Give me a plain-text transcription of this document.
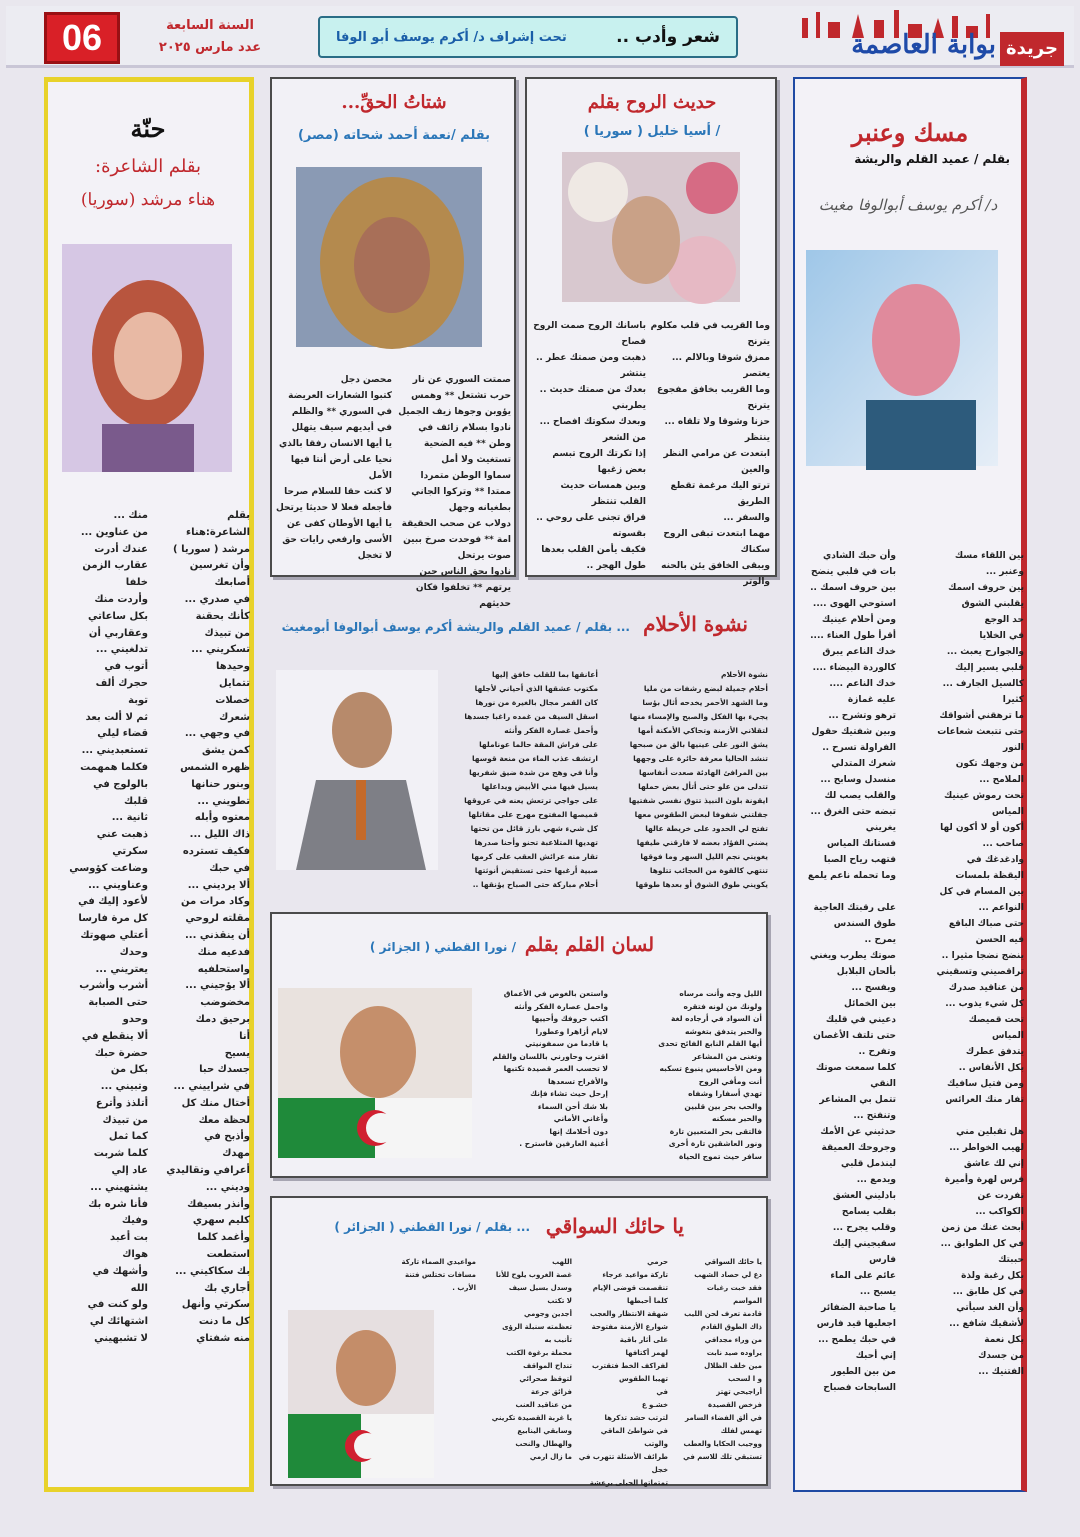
06	السنة السابعة
عدد مارس ٢٠٢٥
شعر وأدب ..
تحت إشراف د/ أكرم يوسف أبو الوفا	بوابة العاصمة جريدة
مسك وعنبر
بقلم / عميد القلم والريشة
د/ أكرم يوسف أبوالوفا مغيث
بين اللقاء مسك
وعنبر ...
بين حروف اسمك
يقلبني الشوق
حد الوجع
في الخلايا
والجوارح يعبث ...
قلبي يسير إليك
كالسيل الجارف ...
كثيرا
ما ترهقني أشواقك
حتى تتبعث شعاعات
النور
من وجهك تكون
الملامح ...
تحت رموش عينيك
المياس
أكون أو لا أكون لها
صاحب ...
وادغدغك في
اليقظة بلمسات
بين المسام في كل
النواعم ...
حتى صباك الباقع
فيه الحسن
ينضج نضجا مثيرا ..
تراقصيني وتسقيني
من عناقيد صدرك
كل شيء يذوب ...
تحت قميصك
المياس
يتدفق عطرك
بكل الأنفاس ..
ومن فتيل سافيك
تفار منك العرائس

هل تقبلين مني
لهيب الخواطر ...
إني لك عاشق
فرس لهرة وأميرة
تفردت عن
الكواكب ...
أبحث عنك من زمن
في كل الطوابق ...
حببتك
بكل رغبة ولذة
في كل طابق ...
وأن الغد سيأتي
لأشقيك شافع ...
بكل نعمة
من جسدك
الفتنيك ...
وأن حبك الشادي
بات في قلبي ينضح
بين حروف اسمك ..
استوحي الهوى ....
ومن أحلام عينيك
أقرأ طول العناء ....
خدك الناعم يبرق
كالوردة البيضاء ....
خدك الناعم ....
عليه غمازة
ترهو وتشرح ...
وبين شفتيك حقول
الفراولة تسرح ..
شعرك المتدلي
منسدل وسابح ...
والقلب يصب لك
تبضه حتى الغرق ...
يغريني
فستانك المياس
فتهب رياح الصبا
وما تحمله ناعم يلمع

على رقبتك العاجية
طوق السندس
يمرح ..
صوتك يطرب ويغني
بألحان البلابل
ويفسح ...
بين الخمائل
دعيني في قلبك
حتى تلتف الأغصان
وتفرح ..
كلما سمعت صوتك
النقي
تتمل بي المشاعر
وتنفتح ...
حدثيني عن الأمك
وجروحك العميقة
لينذمل قلبي
ويدمع ...
بادليني العشق
بقلب يسامح
وقلب يجرح ...
سقيجيني إليك
فارس
عائم على الماء
يسبح ...
يا صاحبة الضفائر
اجعليها قيد فارس
في حبك يطمح ...
إني أحبك
من بين الطيور
السابحات فصباح
حديث الروح بقلم
/ أسيا خليل ( سوريا )
وما القريب في قلب مكلوم يترنح
ممزق شوقا وبالالم ... يعتصر
وما القريب بخافق مفجوع يترنح
حزنا وشوقا ولا تلقاه ... ينتظر
ابتعدت عن مرامي النظر والعين
ترتو اليك مرغمة تقطع الطريق
والسفر ...
مهما ابتعدت تبقى الروح سكناك
ويبقى الخافق يئن بالحنه والوتر
باسانك الروح صمت الروح فصاح
ذهبت ومن صمتك عطر .. ينتشر
بعدك من صمتك حديث .. يطربني
وبعدك سكوتك افصاح ... من الشعر
إذا تكرتك الروح تبسم بعض زغبها
وبين همسات حديث القلب تنتظر
فراق تجنى على روحي .. بقسوته
فكيف يأمن القلب بعدها طول الهجر ..
شتاتُ الحقِّ...
بقلم /نعمة أحمد شحاته (مصر)
صمتت السوري عن نار حرب تشتعل ** وهمس يؤوبن وجوها زيف الجميل
نادوا بسلام زائف في وطن ** فيه الضحية تستغيث ولا أمل
سماوا الوطن متمردا ممتدا ** وتركوا الجاني بطغيانه وجهل
دولاب عن صحب الحقيقة امة ** فوحدت صرخ ببين صوت يرتحل
نادوا بحق الناس حين يرتهم ** تخلفوا فكان حديثهم
محصن دجل
كتبوا الشعارات العريضة في السوري ** والظلم في أيديهم سيف يتهلل
يا أيها الانسان رفقا بالذي نحيا على أرض أنتا فيها الأمل
لا كنت حقا للسلام صرحا فأجعله فعلا لا حديثا يرتحل
يا أيها الأوطان كفى عن الأسى وارفعي رايات حق
لا تخجل
حنّة
بقلم الشاعرة:
هناء مرشد (سوريا)
بقلم
الشاعرة:هناء
مرشد ( سوريا )
وأن تغرسين
أصابعك
في صدري ...
كأنك بحقنة
من تبيذك
تسكريني ...
وحيدها
تتمايل
خصلات
شعرك
في وجهي ...
كمن يشق
ظهره الشمس
وبنور حنانها
تطويني ...
معتوه وأبله
ذاك الليل ...
فكيف تسترده
في حبك
ألا يرديني ...
وكاد مرات من
مقلته لروحي
أن ينقذني ...
فدعيه منك
واستحلفيه
ألا يؤجيني ...
مخضوضب
برحيق دمك
أنا
يسيح
جسدك حبا
في شراييني ...
أختال منك كل
لحظة معك
وأذبح في
مهدك
أعرافي وتقاليدي
وديني ...
وأنذر بسيفك
كليم سهري
وأغمد كلما
استطعت
بك سكاكيني ...
أجاري بك
سكرتي وأنهل
كل ما دنت
منه شفتاي
منك ...
من عناوين ...
عندك أدرت
عقارب الزمن
خلفا
وأردت منك
بكل ساعاتي
وعقاربي أن
تدلغيني ...
أتوب في
حجرك ألف
توبة
ثم لا ألت بعد
قضاء ليلي
تستعبديني ...
فكلما همهمت
بالولوج في
قلبك
ثانية ...
ذهبت عني
سكرتي
وضاعت كؤوسي
وعناويني ...
لأعود إليك في
كل مرة فارسا
أعتلي صهوتك
وحدك
يعتريني ...
أشرب وأشرب
حتى الصبابة
وحدو
ألا ينقطع في
حضرة حبك
بكل من
وتبيني ...
أتلذذ وأترع
من تبيذك
كما ثمل
كلما شربت
عاد إلي
يشتهيني ...
فأنا شره بك
وفيك
بت أعبد
هواك
وأشهك في
الله
ولو كنت في
اشتهائك لي
لا تشبهيني
نشوة الأحلام
... بقلم / عميد القلم والريشة أكرم يوسف أبوالوفا أبومغيث
نشوة الأحلام
أحلام جميلة لبضع رشفات من مليا
وما الشهد الأحمر يخدحه أثال بؤسا
يجيء بها الفكل والصبح والإمساء منها
لتقلاني الأزمنة وتحاكي الأمكنة أمها
يشق النور على عينيها بالق من صبحها
تنشد الحاليا معرفة حائرة على وجهها
بين المرافئ الهادئة صعدت أنفاسها
تتدلى من علو حتى أتأل بعض حملها
ايقونة بلون النبيذ تتوق نفسي شفتيها
جفلتني شفوفا لبعض الطقوس معها
تفتح لي الحدود على خريطة عالها
يضني الفؤاد بعضه لا فارقني طيفها
يغويني نجم الليل السهر وما فوقها
تنتهي كالقوة من العجائب تتلوها
يكويني طوق الشوق أو بعدها طوقها
أعانقها بما للقلب خافق إليها
مكتوب عشقها الذي أحياني لأجلها
كان القمر مجال بالغيرة من نورها
اسقل السيف من غمده راغبا جسدها
وأحمل غصارة الفكر وأنثه
على فراش المقة حالما عوناملها
ارتشف عذب الماء من منعة قوسها
وأنا في وهج من شدة ضيق شفريها
يسيل فيها مني الأبيض ويداعلها
على جواجي ترتعش يعنه في عروقها
قميصها المفتوح مهرج على مقاتلها
كل شيء شهي بارز قائل من تحتها
تهديها المتلاعبة تحنو وأحنا صدرها
تقار منه عرائش العقب على كرمها
صبية أرغبها حتى تستقيض أنوثتها
أحلام مباركة حتى الصباح يؤنقها ..
لسان القلم بقلم
/ نورا القطني ( الجزائر )
الليل وجه وأنت مرساه
ولونك من لونه فتقره
أن السواد في أرجاده لغة
والحبر يتدفق بتغوشه
أيها القلم النابع الفائح تحدى
وتغنى من المشاعر
ومن الأحاسيس ينبوع تسكبه
أنت ومأفي الروح
تهدي أسفارا وشفاه
والحب بحر بين قلبين
والحبر مسكنه
فالتقى بحر المتعبين تارة
ونور العاشقين تارة أخرى
سافر حيث تموج الحياة
واستعن بالغوص في الأعماق
واحمل عصارة الفكر وأنثه
اكتب حروفك وأحييها
لايام أزاهرا وعطورا
يا قادما من سمفونيتي
اقترب وحاورني باللسان والقلم
لا تحسب العمر قصيدة تكتبها
والأفراح تسعدها
إرحل حيث تشاء فإنك
بلا شك أحن السماء
وأغاني الأماني
دون أحلامك إنها
أغنية العارفين فاسترح .
يا حائك السواقي
... بقلم / نورا القطني ( الجزائر )
يا حائك السواقي
دع لي حصاد الشهب
فقد خبت رغبات
المواسم
قادمة تعرف لحن الليب
ذاك الطوق القادم
من وراء مجدافي
يراوده صيد نابت
مين خلف الظلال
و ا لسحب
أراجيحي تهتز
فزخض القصيدة
في ألق الفضاء السامر
تهمس لفلك
ووجيب الحكايا والعطب
تستبقي تلك للاسم في
حرمي
تاركة مواعيد عرجاء
تنقصمت قوضى الإيام
كلما أحبطها
شهقة الانتظار والعجب
شوارع الأزمنة مفتوحة
على أثار باقية
لهمز أكتافها
لفراكف الخط فتقترب
تهيبا الطقوس
في
خشـو ع
لترتب حشد تذكرها
في شواطئ الماقي والوتب
طرائف الأسئلة تتهرب في
خجل
تمتماتها الحبلى برعشة
اللهب
غصة الغروب يلوح للأنا
وسدل بسيل سيف
لا تكتب
أجدين وجومي
تعظمته سنبلة الرؤى
تأنيب به
محملة برغوة الكتب
تنداح المواقف
لتوقظ صحرائي
فزائق جرعة
من عناقيد العنب
يا غربة القصيدة تكريني
وسابقي الينابيع
والهطال والنحب
ما زال ارمي
مواعيدي الصماء تاركة
مسافات تختلس فتنة
الأرب .
